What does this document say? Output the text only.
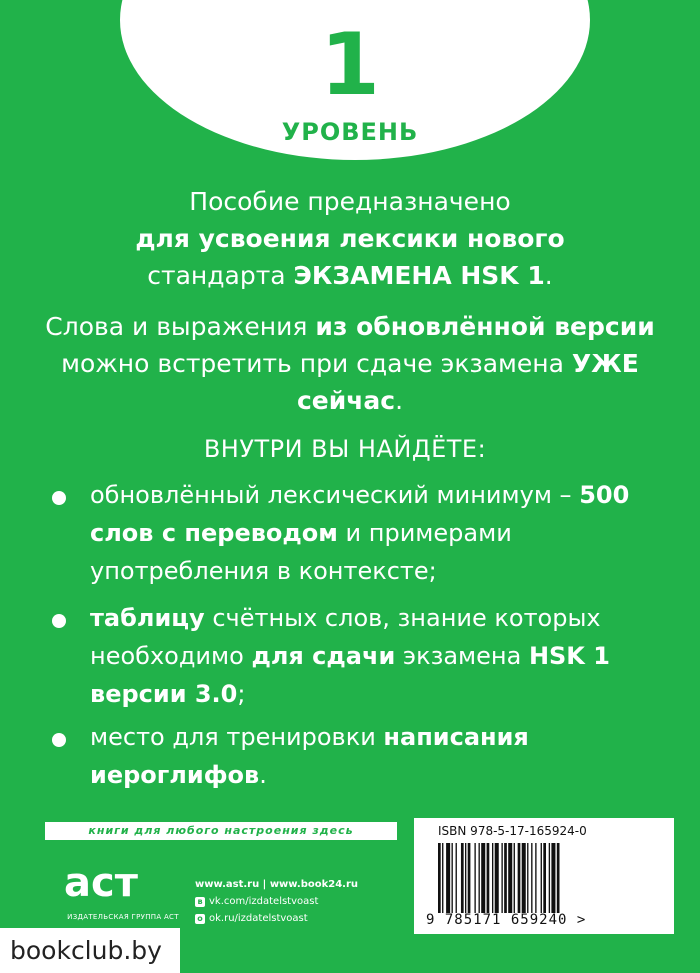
1
УРОВЕНЬ
Пособие предназначено
для усвоения лексики нового
стандарта ЭКЗАМЕНА HSK 1.
Слова и выражения из обновлённой версии можно встретить при сдаче экзамена УЖЕ сейчас.
ВНУТРИ ВЫ НАЙДЁТЕ:
обновлённый лексический минимум – 500 слов с переводом и примерами употребления в контексте;
таблицу счётных слов, знание которых необходимо для сдачи экзамена HSK 1 версии 3.0;
место для тренировки написания иероглифов.
книги для любого настроения здесь
аст
ИЗДАТЕЛЬСКАЯ ГРУППА АСТ
www.ast.ru | www.book24.ru
в vk.com/izdatelstvoast
о ok.ru/izdatelstvoast
ISBN 978-5-17-165924-0
9 785171 659240 >
bookclub.by
